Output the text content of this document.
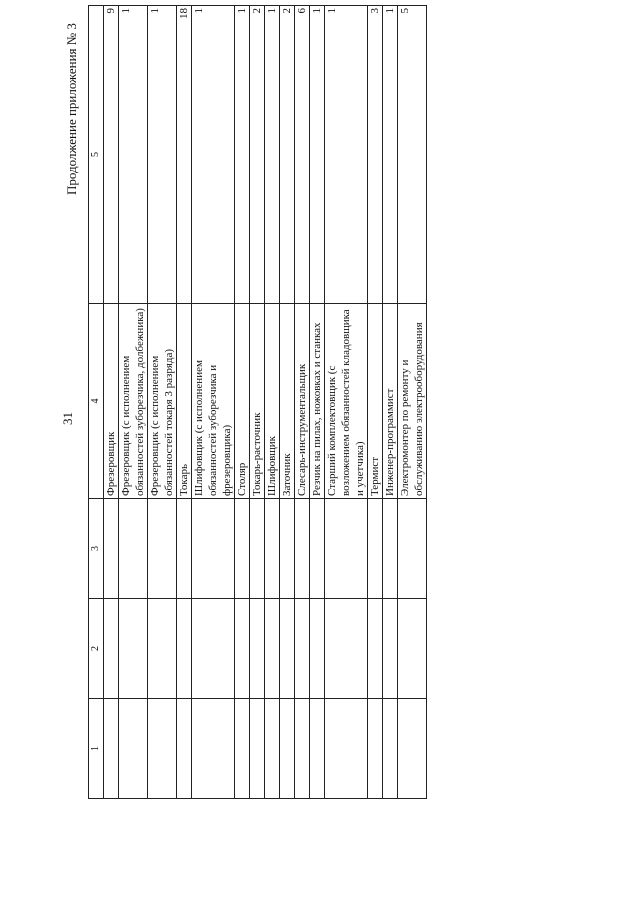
31
Продолжение приложения № 3
1	2	3	4	5
			Фрезеровщик	9
			Фрезеровщик (с исполнением обязанностей зуборезчика, долбежника)	1
			Фрезеровщик (с исполнением обязанностей токаря 3 разряда)	1
			Токарь	18
			Шлифовщик (с исполнением обязанностей зуборезчика и фрезеровщика)	1
			Столяр	1
			Токарь-расточник	2
			Шлифовщик	1
			Заточник	2
			Слесарь-инструментальщик	6
			Резчик на пилах, ножовках и станках	1
			Старший комплектовщик (с возложением обязанностей кладовщика и учетчика)	1
			Термист	3
			Инженер-программист	1
			Электромонтер по ремонту и обслуживанию электрооборудования	5
